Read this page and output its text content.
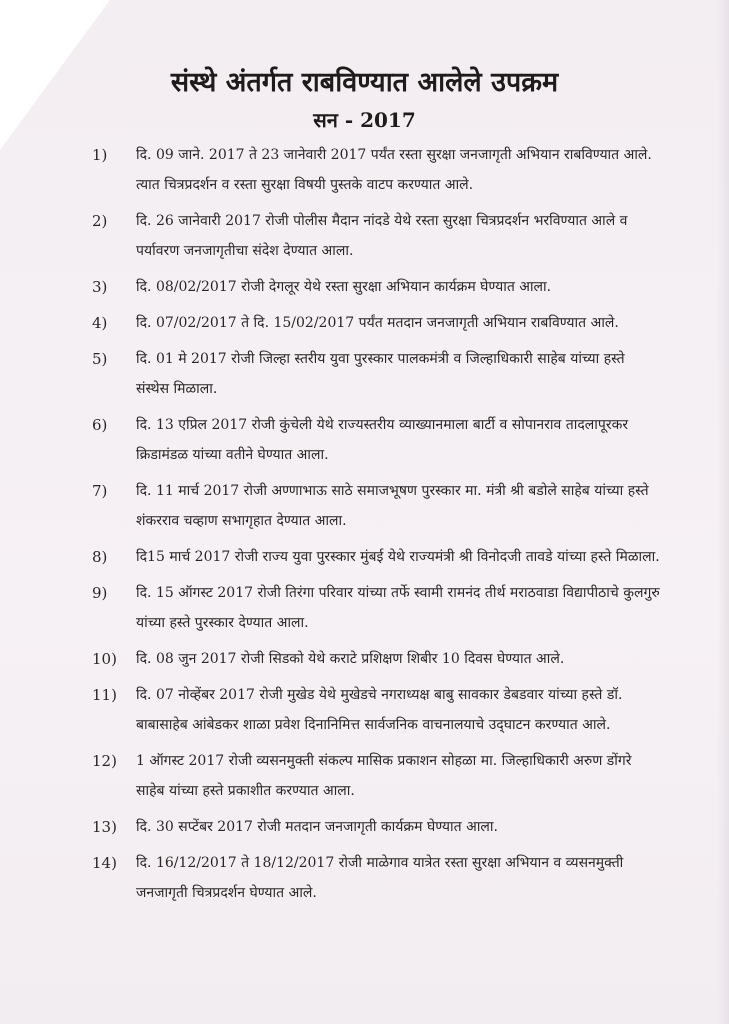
संस्थे अंतर्गत राबविण्यात आलेले उपक्रम
सन - 2017
1)	दि. 09 जाने. 2017 ते 23 जानेवारी 2017 पर्यंत रस्ता सुरक्षा जनजागृती अभियान राबविण्यात आले. त्यात चित्रप्रदर्शन व रस्ता सुरक्षा विषयी पुस्तके वाटप करण्यात आले.
2)	दि. 26 जानेवारी 2017 रोजी पोलीस मैदान नांदडे येथे रस्ता सुरक्षा चित्रप्रदर्शन भरविण्यात आले व पर्यावरण जनजागृतीचा संदेश देण्यात आला.
3)	दि. 08/02/2017 रोजी देगलूर येथे रस्ता सुरक्षा अभियान कार्यक्रम घेण्यात आला.
4)	दि. 07/02/2017 ते दि. 15/02/2017 पर्यंत मतदान जनजागृती अभियान राबविण्यात आले.
5)	दि. 01 मे 2017 रोजी जिल्हा स्तरीय युवा पुरस्कार पालकमंत्री व जिल्हाधिकारी साहेब यांच्या हस्ते संस्थेस मिळाला.
6)	दि. 13 एप्रिल 2017 रोजी कुंचेली येथे राज्यस्तरीय व्याख्यानमाला बार्टी व सोपानराव तादलापूरकर क्रिडामंडळ यांच्या वतीने घेण्यात आला.
7)	दि. 11 मार्च 2017 रोजी अण्णाभाऊ साठे समाजभूषण पुरस्कार मा. मंत्री श्री बडोले साहेब यांच्या हस्ते शंकरराव चव्हाण सभागृहात देण्यात आला.
8)	दि15 मार्च 2017 रोजी राज्य युवा पुरस्कार मुंबई येथे राज्यमंत्री श्री विनोदजी तावडे यांच्या हस्ते मिळाला.
9)	दि. 15 ऑगस्ट 2017 रोजी तिरंगा परिवार यांच्या तर्फे स्वामी रामनंद तीर्थ मराठवाडा विद्यापीठाचे कुलगुरु यांच्या हस्ते पुरस्कार देण्यात आला.
10)	दि. 08 जुन 2017 रोजी सिडको येथे कराटे प्रशिक्षण शिबीर 10 दिवस घेण्यात आले.
11)	दि. 07 नोव्हेंबर 2017 रोजी मुखेड येथे मुखेडचे नगराध्यक्ष बाबु सावकार डेबडवार यांच्या हस्ते डॉ. बाबासाहेब आंबेडकर शाळा प्रवेश दिनानिमित्त सार्वजनिक वाचनालयाचे उद्‌घाटन करण्यात आले.
12)	1 ऑगस्ट 2017 रोजी व्यसनमुक्ती संकल्प मासिक प्रकाशन सोहळा मा. जिल्हाधिकारी अरुण डोंगरे साहेब यांच्या हस्ते प्रकाशीत करण्यात आला.
13)	दि. 30 सप्टेंबर 2017 रोजी मतदान जनजागृती कार्यक्रम घेण्यात आला.
14)	दि. 16/12/2017 ते 18/12/2017 रोजी माळेगाव यात्रेत रस्ता सुरक्षा अभियान व व्यसनमुक्ती जनजागृती चित्रप्रदर्शन घेण्यात आले.
